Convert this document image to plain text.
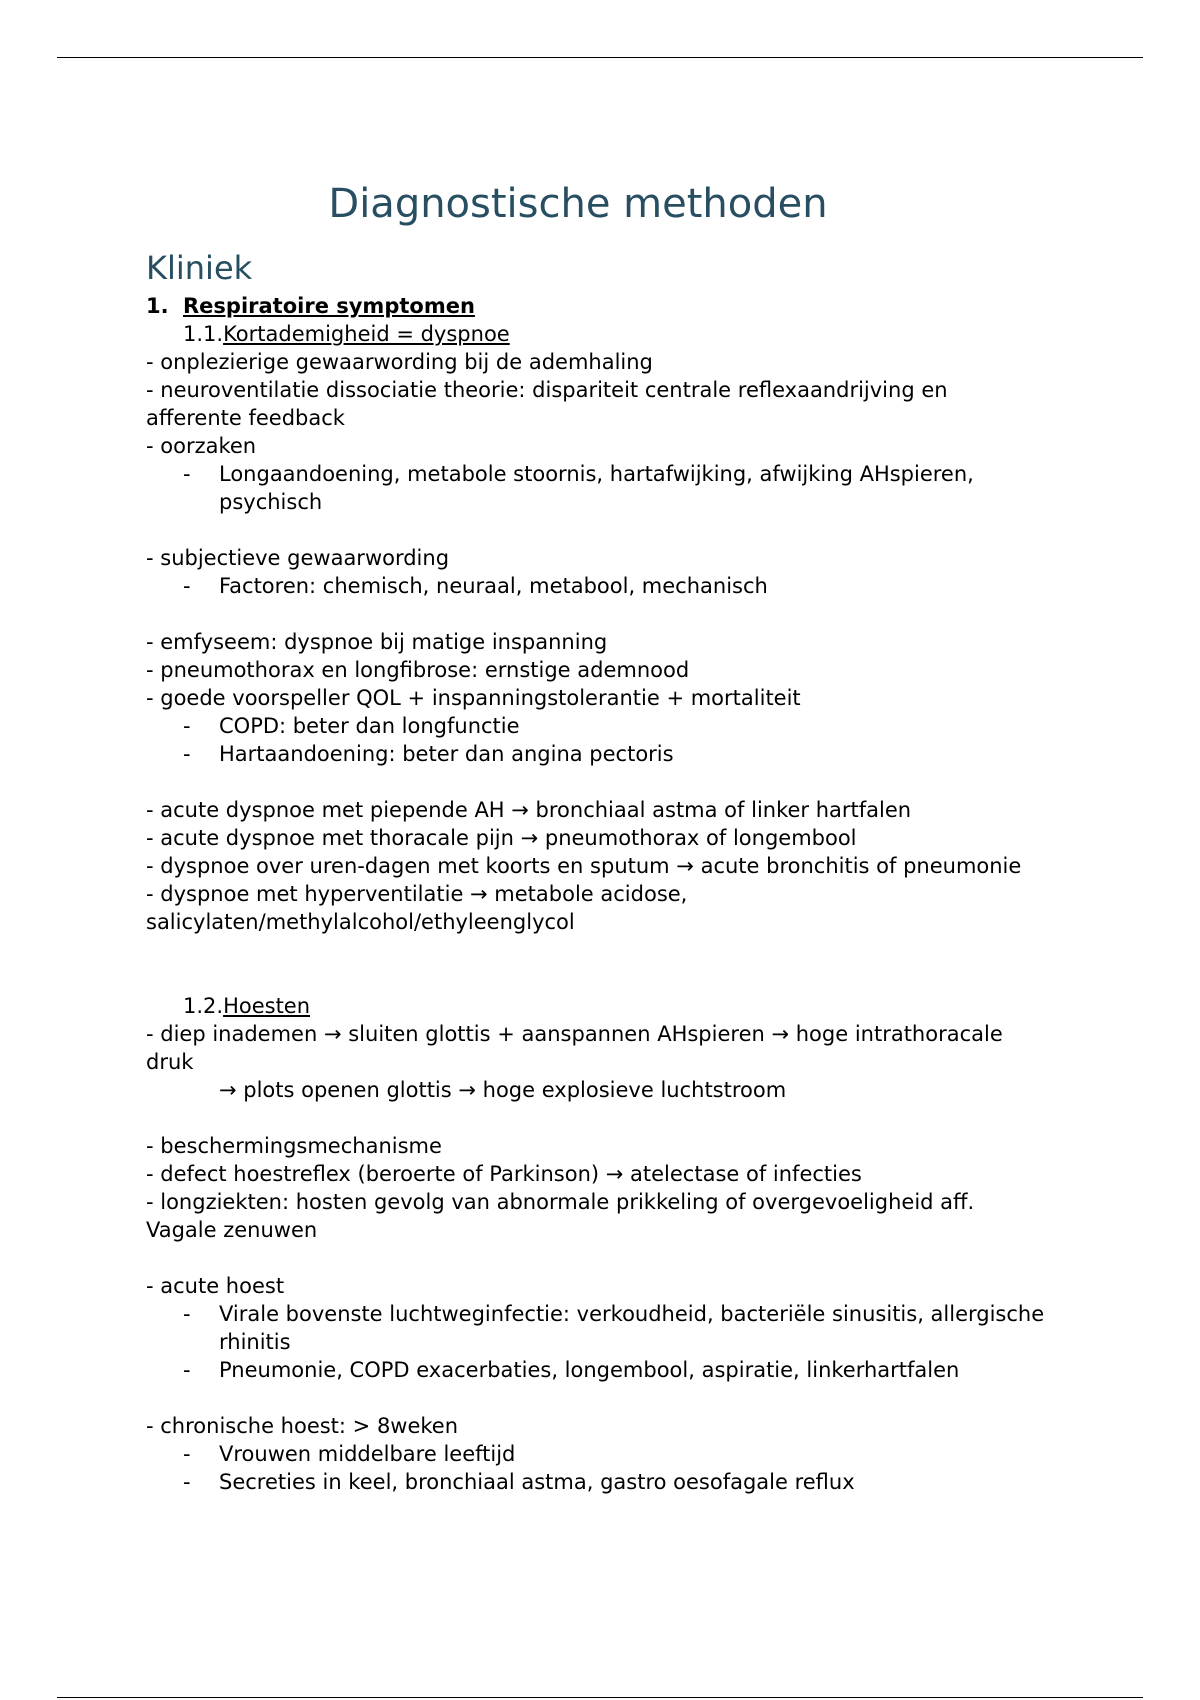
Diagnostische methoden
Kliniek
1. Respiratoire symptomen
1.1.Kortademigheid = dyspnoe
- onplezierige gewaarwording bij de ademhaling
- neuroventilatie dissociatie theorie: dispariteit centrale reflexaandrijving en afferente feedback
- oorzaken
- Longaandoening, metabole stoornis, hartafwijking, afwijking AHspieren, psychisch
- subjectieve gewaarwording
- Factoren: chemisch, neuraal, metabool, mechanisch
- emfyseem: dyspnoe bij matige inspanning
- pneumothorax en longfibrose: ernstige ademnood
- goede voorspeller QOL + inspanningstolerantie + mortaliteit
- COPD: beter dan longfunctie
- Hartaandoening: beter dan angina pectoris
- acute dyspnoe met piepende AH → bronchiaal astma of linker hartfalen
- acute dyspnoe met thoracale pijn → pneumothorax of longembool
- dyspnoe over uren-dagen met koorts en sputum → acute bronchitis of pneumonie
- dyspnoe met hyperventilatie → metabole acidose, salicylaten/methylalcohol/ethyleenglycol
1.2.Hoesten
- diep inademen → sluiten glottis + aanspannen AHspieren → hoge intrathoracale druk
→ plots openen glottis → hoge explosieve luchtstroom
- beschermingsmechanisme
- defect hoestreflex (beroerte of Parkinson) → atelectase of infecties
- longziekten: hosten gevolg van abnormale prikkeling of overgevoeligheid aff. Vagale zenuwen
- acute hoest
- Virale bovenste luchtweginfectie: verkoudheid, bacteriële sinusitis, allergische rhinitis
- Pneumonie, COPD exacerbaties, longembool, aspiratie, linkerhartfalen
- chronische hoest: > 8weken
- Vrouwen middelbare leeftijd
- Secreties in keel, bronchiaal astma, gastro oesofagale reflux
